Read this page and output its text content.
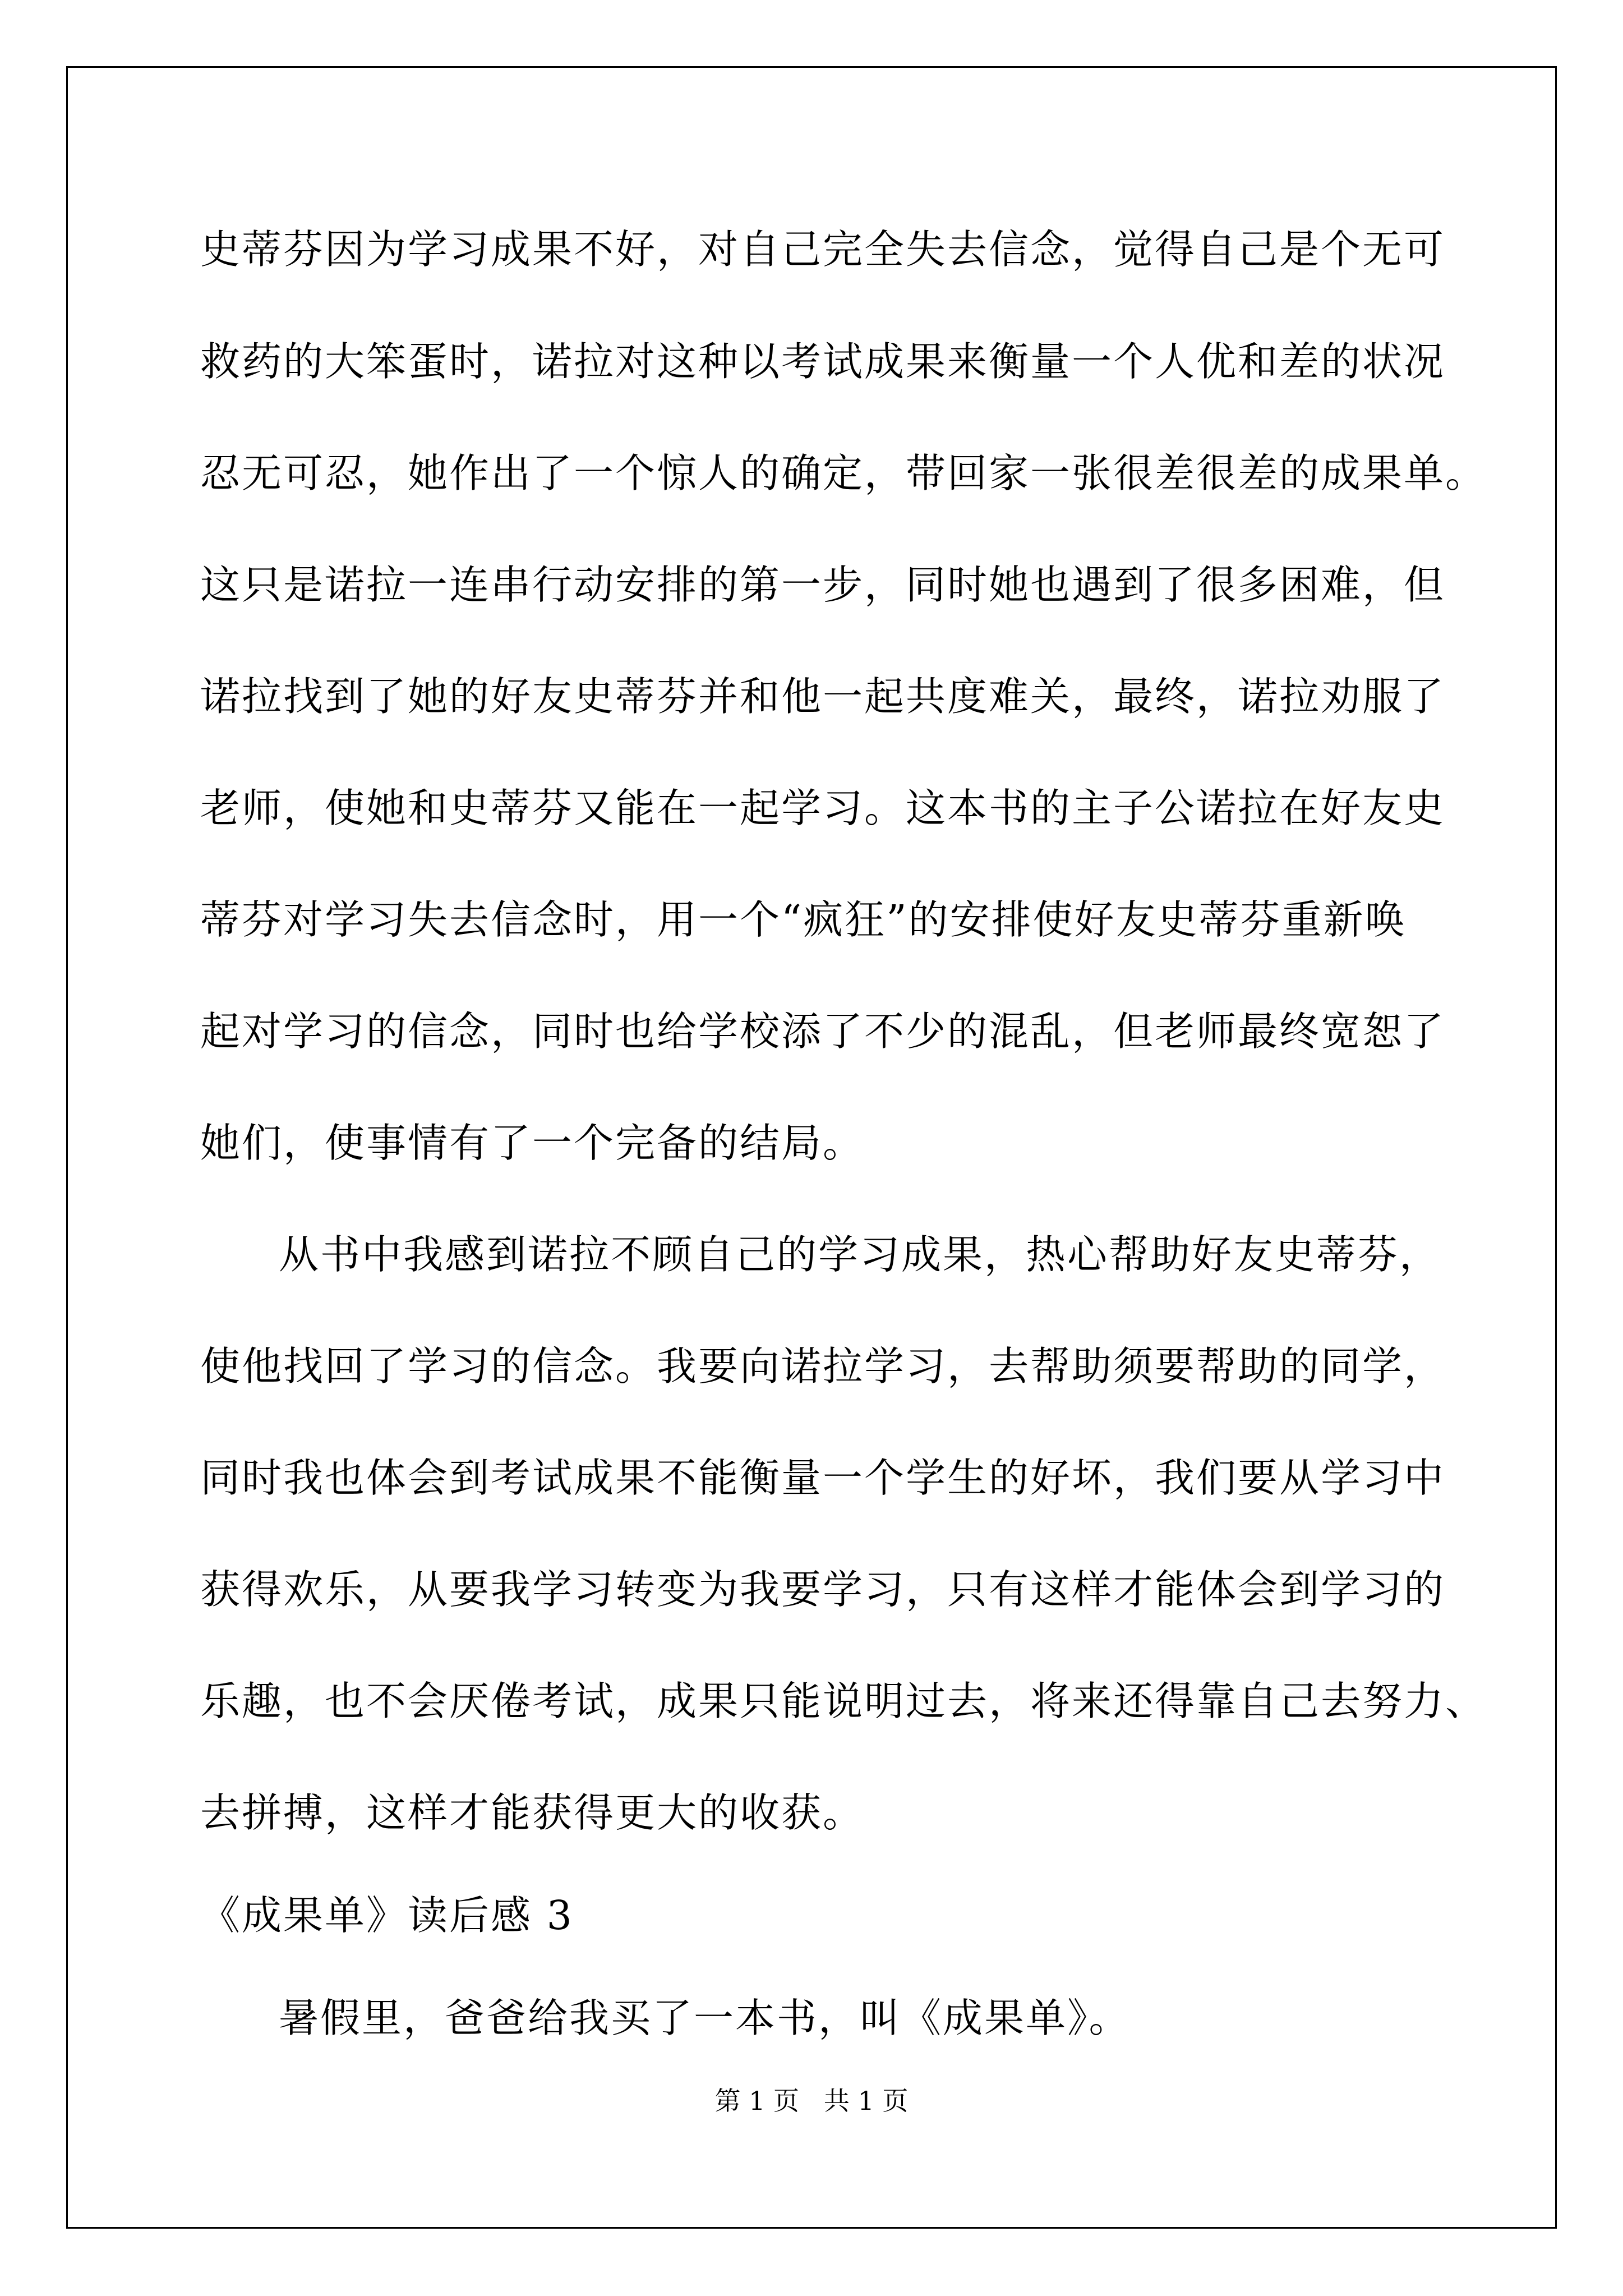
史蒂芬因为学习成果不好，对自己完全失去信念，觉得自己是个无可
救药的大笨蛋时，诺拉对这种以考试成果来衡量一个人优和差的状况
忍无可忍，她作出了一个惊人的确定，带回家一张很差很差的成果单。
这只是诺拉一连串行动安排的第一步，同时她也遇到了很多困难，但
诺拉找到了她的好友史蒂芬并和他一起共度难关，最终，诺拉劝服了
老师，使她和史蒂芬又能在一起学习。这本书的主子公诺拉在好友史
蒂芬对学习失去信念时，用一个“疯狂”的安排使好友史蒂芬重新唤
起对学习的信念，同时也给学校添了不少的混乱，但老师最终宽恕了
她们，使事情有了一个完备的结局。
从书中我感到诺拉不顾自己的学习成果，热心帮助好友史蒂芬，
使他找回了学习的信念。我要向诺拉学习，去帮助须要帮助的同学，
同时我也体会到考试成果不能衡量一个学生的好坏，我们要从学习中
获得欢乐，从要我学习转变为我要学习，只有这样才能体会到学习的
乐趣，也不会厌倦考试，成果只能说明过去，将来还得靠自己去努力、
去拼搏，这样才能获得更大的收获。
《成果单》读后感 3
暑假里，爸爸给我买了一本书，叫《成果单》。
第 1 页   共 1 页
